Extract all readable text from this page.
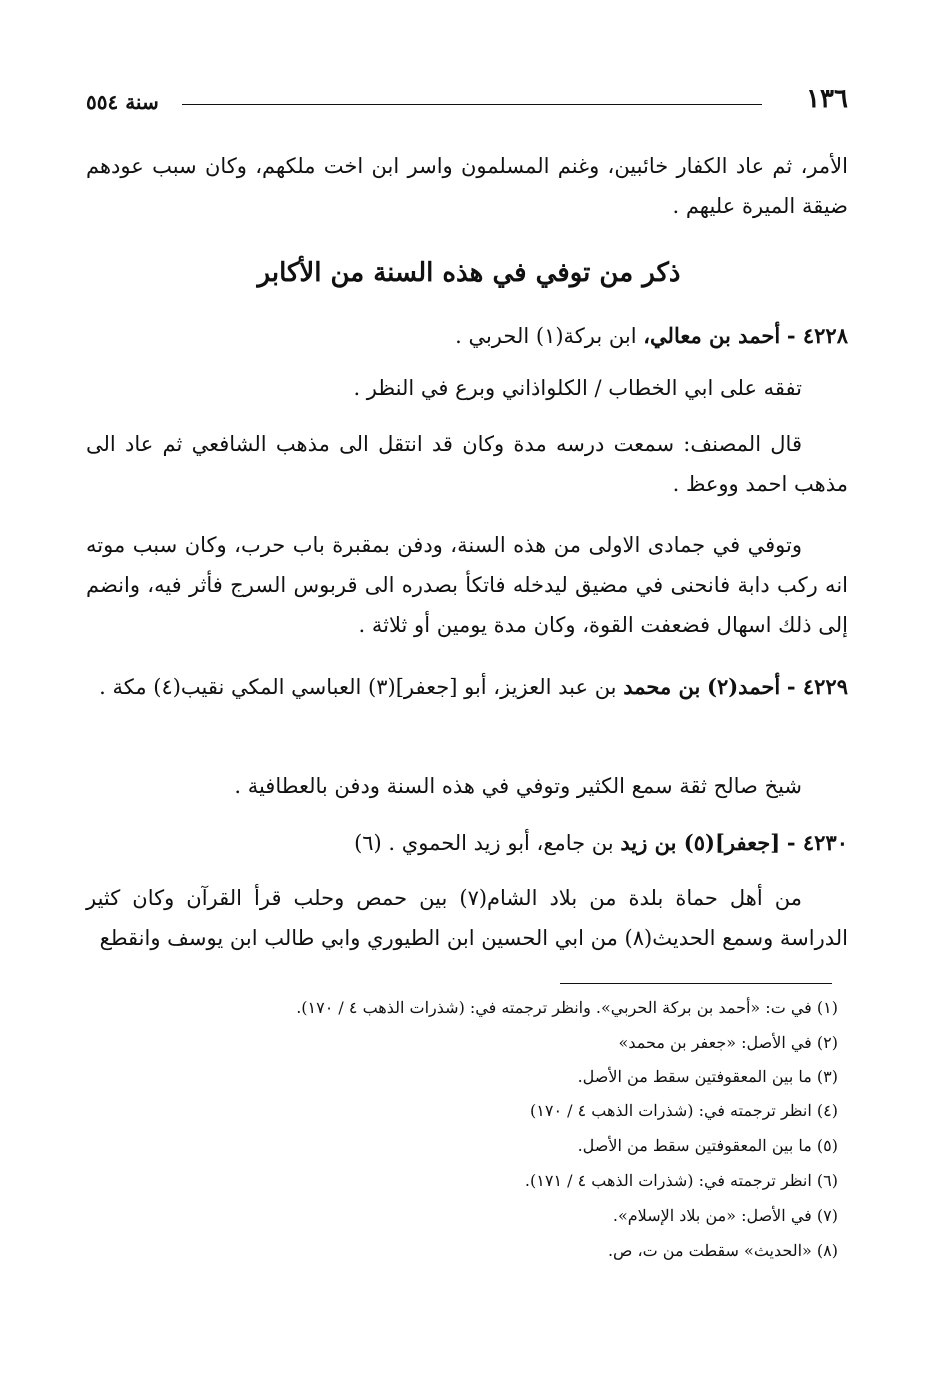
١٣٦
سنة ٥٥٤

الأمر، ثم عاد الكفار خائبين، وغنم المسلمون واسر ابن اخت ملكهم، وكان سبب عودهم ضيقة الميرة عليهم .

ذكر من توفي في هذه السنة من الأكابر

٤٢٢٨ - أحمد بن معالي، ابن بركة(١) الحربي .

تفقه على ابي الخطاب / الكلواذاني وبرع في النظر .

قال المصنف: سمعت درسه مدة وكان قد انتقل الى مذهب الشافعي ثم عاد الى مذهب احمد ووعظ .

وتوفي في جمادى الاولى من هذه السنة، ودفن بمقبرة باب حرب، وكان سبب موته انه ركب دابة فانحنى في مضيق ليدخله فاتكأ بصدره الى قربوس السرج فأثر فيه، وانضم إلى ذلك اسهال فضعفت القوة، وكان مدة يومين أو ثلاثة .

٤٢٢٩ - أحمد(٢) بن محمد بن عبد العزيز، أبو [جعفر](٣) العباسي المكي نقيب(٤) مكة .

شيخ صالح ثقة سمع الكثير وتوفي في هذه السنة ودفن بالعطافية .

٤٢٣٠ - [جعفر](٥) بن زيد بن جامع، أبو زيد الحموي . (٦)

من أهل حماة بلدة من بلاد الشام(٧) بين حمص وحلب قرأ القرآن وكان كثير الدراسة وسمع الحديث(٨) من ابي الحسين ابن الطيوري وابي طالب ابن يوسف وانقطع

(١) في ت: «أحمد بن بركة الحربي». وانظر ترجمته في: (شذرات الذهب ٤ / ١٧٠).
(٢) في الأصل: «جعفر بن محمد»
(٣) ما بين المعقوفتين سقط من الأصل.
(٤) انظر ترجمته في: (شذرات الذهب ٤ / ١٧٠)
(٥) ما بين المعقوفتين سقط من الأصل.
(٦) انظر ترجمته في: (شذرات الذهب ٤ / ١٧١).
(٧) في الأصل: «من بلاد الإسلام».
(٨) «الحديث» سقطت من ت، ص.
